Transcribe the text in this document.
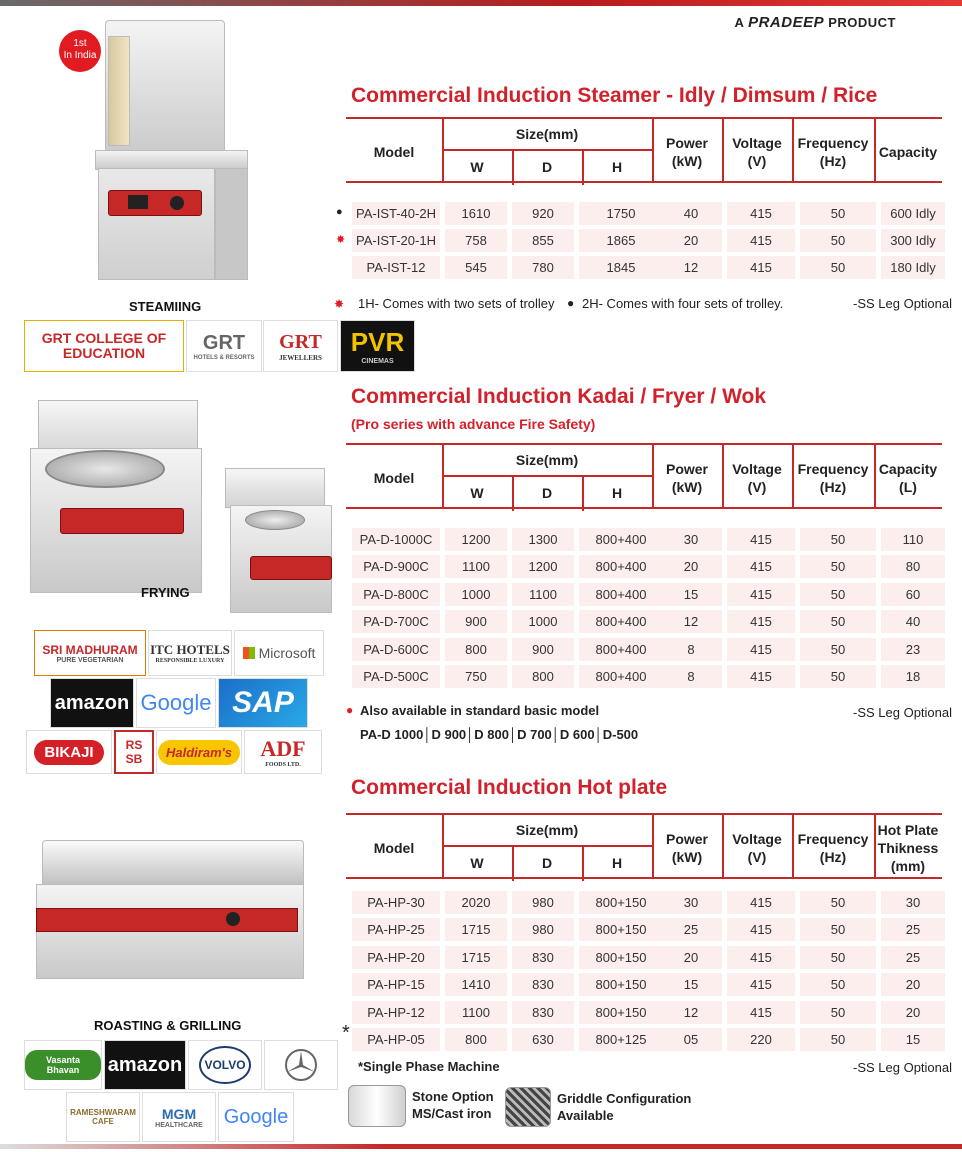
A PRADEEP PRODUCT
1st
In India
STEAMIING
GRT COLLEGE OF EDUCATION	GRT
HOTELS & RESORTS
GRT
JEWELLERS
PVR
CINEMAS
FRYING
SRI MADHURAM
PURE VEGETARIAN
ITC HOTELS
RESPONSIBLE LUXURY Microsoft
amazon Google SAP
BIKAJI	RS SB	Haldiram's	ADF
FOODS LTD.
ROASTING & GRILLING
Vasanta Bhavan	amazon	VOLVO
RAMESHWARAM
CAFE	MGM
HEALTHCARE Google
Commercial Induction Steamer - Idly / Dimsum / Rice
Model
Size(mm)
W	D	H
Power
(kW)
Voltage
(V)
Frequency
(Hz)
Capacity
PA-IST-40-2H	1610	920	1750	40	415	50	600 Idly
●
PA-IST-20-1H	758	855	1865	20	415	50	300 Idly
✸
PA-IST-12	545	780	1845	12	415	50	180 Idly
✸ 1H- Comes with two sets of trolley ● 2H- Comes with four sets of trolley.	-SS Leg Optional
Commercial Induction Kadai / Fryer / Wok
(Pro series with advance Fire Safety)
Model
Size(mm)
W	D	H
Power
(kW)
Voltage
(V)
Frequency
(Hz)
Capacity
(L)
PA-D-1000C	1200	1300	800+400	30	415	50	110
PA-D-900C	1100	1200	800+400	20	415	50	80
PA-D-800C	1000	1100	800+400	15	415	50	60
PA-D-700C	900	1000	800+400	12	415	50	40
PA-D-600C	800	900	800+400	8	415	50	23
PA-D-500C	750	800	800+400	8	415	50	18
● Also available in standard basic model
PA-D 1000│D 900│D 800│D 700│D 600│D-500
-SS Leg Optional
Commercial Induction Hot plate
Model
Size(mm)
W	D	H
Power
(kW)
Voltage
(V)
Frequency
(Hz)
Hot Plate
Thikness
(mm)
PA-HP-30	2020	980	800+150	30	415	50	30
PA-HP-25	1715	980	800+150	25	415	50	25
PA-HP-20	1715	830	800+150	20	415	50	25
PA-HP-15	1410	830	800+150	15	415	50	20
PA-HP-12	1100	830	800+150	12	415	50	20
PA-HP-05	800	630	800+125	05	220	50	15
*
*Single Phase Machine	-SS Leg Optional
Stone Option
MS/Cast iron
Griddle Configuration
Available
